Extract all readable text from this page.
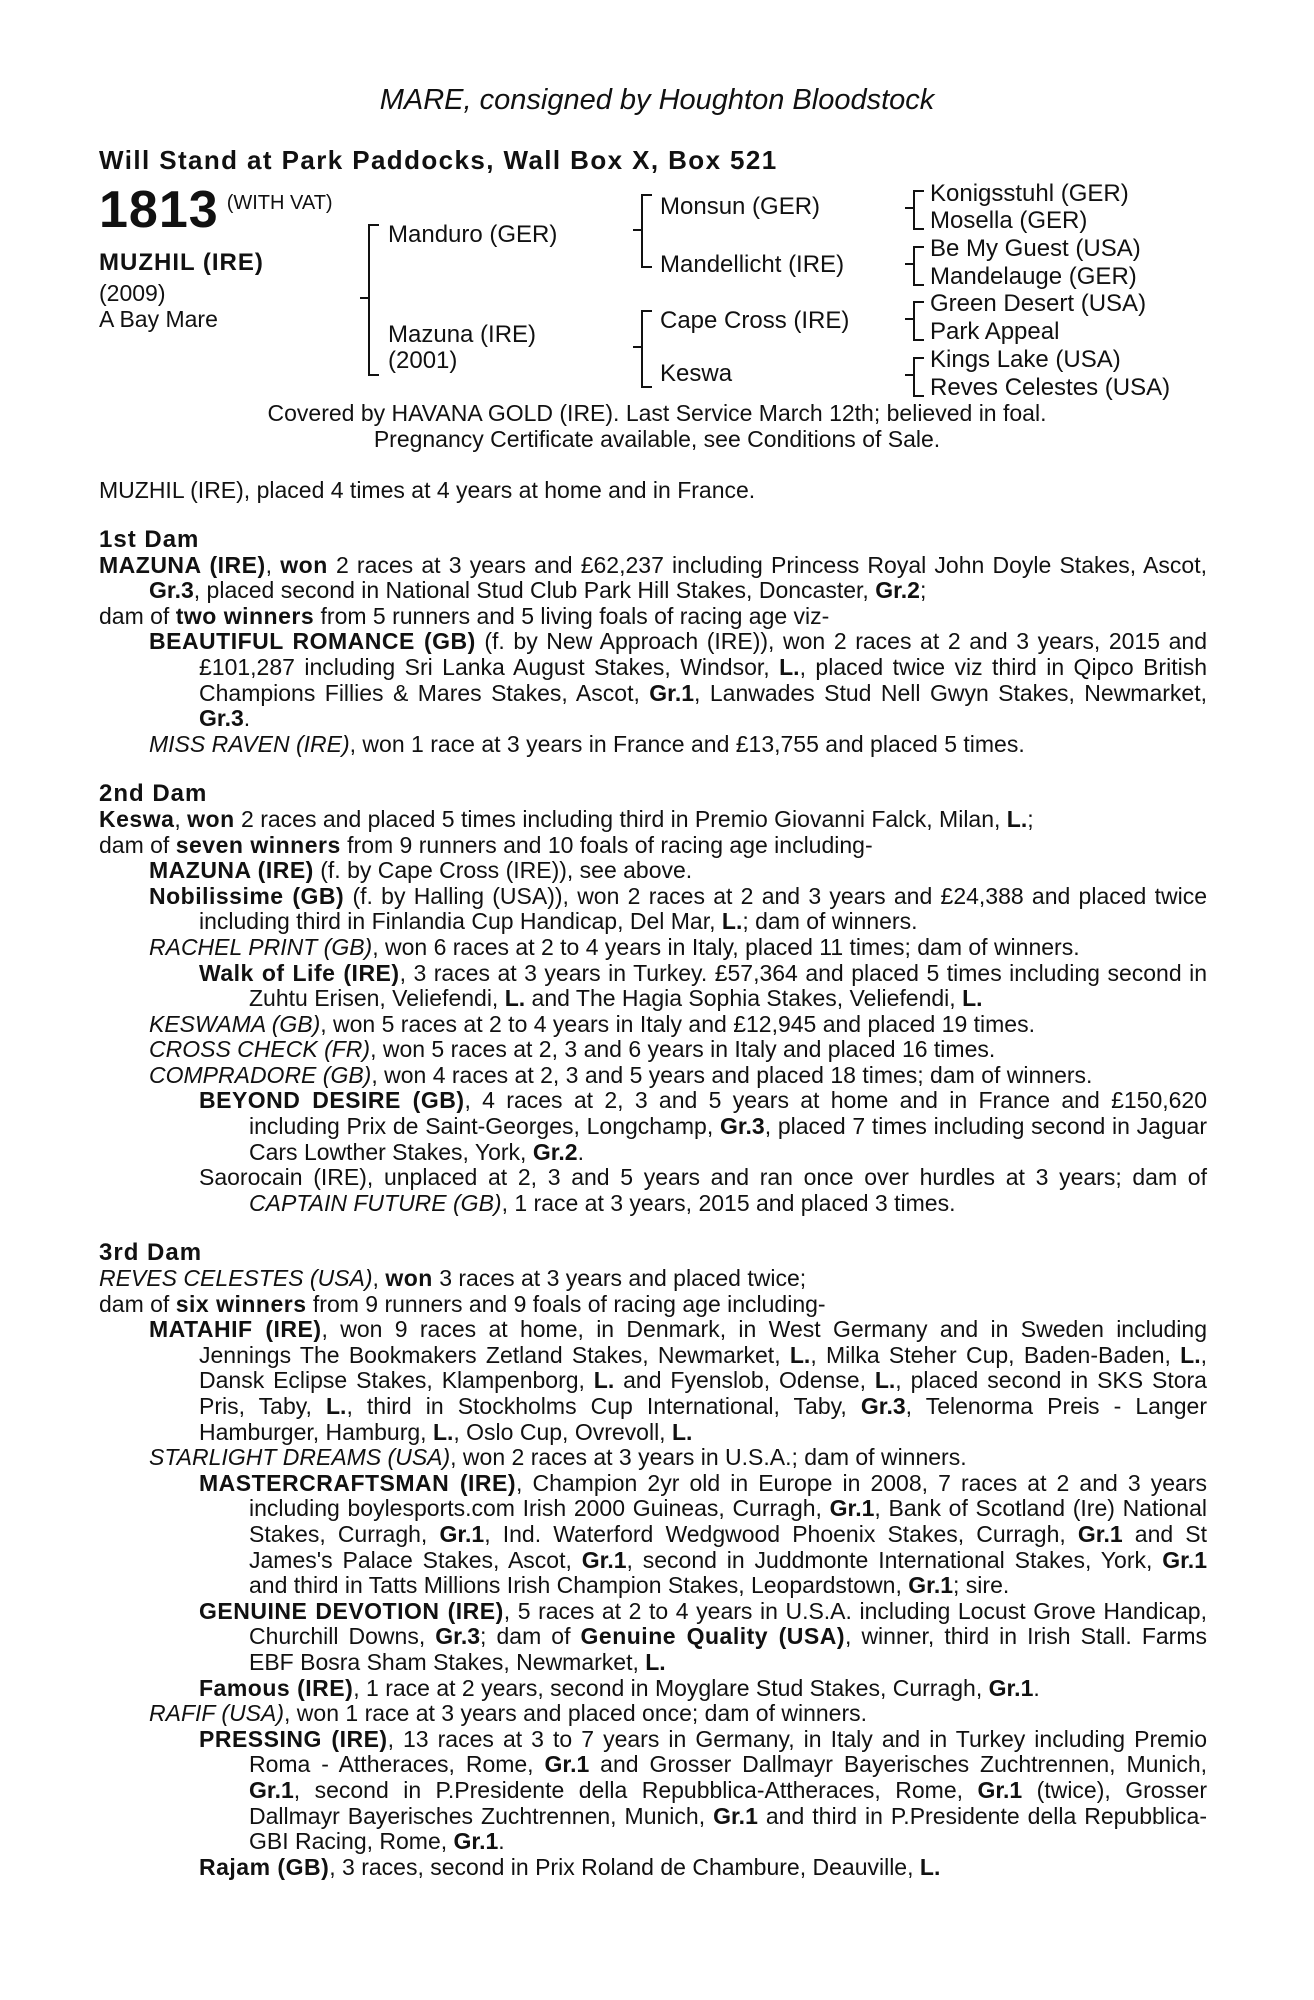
MARE, consigned by Houghton Bloodstock
Will Stand at Park Paddocks, Wall Box X, Box 521
1813 (WITH VAT)
MUZHIL (IRE)
(2009)
A Bay Mare
Manduro (GER)
Mazuna (IRE)
(2001)
Monsun (GER)
Mandellicht (IRE)
Cape Cross (IRE)
Keswa
Konigsstuhl (GER)
Mosella (GER)
Be My Guest (USA)
Mandelauge (GER)
Green Desert (USA)
Park Appeal
Kings Lake (USA)
Reves Celestes (USA)
Covered by HAVANA GOLD (IRE). Last Service March 12th; believed in foal.
Pregnancy Certificate available, see Conditions of Sale.
MUZHIL (IRE), placed 4 times at 4 years at home and in France.
1st Dam

MAZUNA (IRE), won 2 races at 3 years and £62,237 including Princess Royal John Doyle Stakes, Ascot, Gr.3, placed second in National Stud Club Park Hill Stakes, Doncaster, Gr.2;

dam of two winners from 5 runners and 5 living foals of racing age viz-

BEAUTIFUL ROMANCE (GB) (f. by New Approach (IRE)), won 2 races at 2 and 3 years, 2015 and £101,287 including Sri Lanka August Stakes, Windsor, L., placed twice viz third in Qipco British Champions Fillies & Mares Stakes, Ascot, Gr.1, Lanwades Stud Nell Gwyn Stakes, Newmarket, Gr.3.

MISS RAVEN (IRE), won 1 race at 3 years in France and £13,755 and placed 5 times.

2nd Dam

Keswa, won 2 races and placed 5 times including third in Premio Giovanni Falck, Milan, L.;

dam of seven winners from 9 runners and 10 foals of racing age including-

MAZUNA (IRE) (f. by Cape Cross (IRE)), see above.

Nobilissime (GB) (f. by Halling (USA)), won 2 races at 2 and 3 years and £24,388 and placed twice including third in Finlandia Cup Handicap, Del Mar, L.; dam of winners.

RACHEL PRINT (GB), won 6 races at 2 to 4 years in Italy, placed 11 times; dam of winners.

Walk of Life (IRE), 3 races at 3 years in Turkey. £57,364 and placed 5 times including second in Zuhtu Erisen, Veliefendi, L. and The Hagia Sophia Stakes, Veliefendi, L.

KESWAMA (GB), won 5 races at 2 to 4 years in Italy and £12,945 and placed 19 times.

CROSS CHECK (FR), won 5 races at 2, 3 and 6 years in Italy and placed 16 times.

COMPRADORE (GB), won 4 races at 2, 3 and 5 years and placed 18 times; dam of winners.

BEYOND DESIRE (GB), 4 races at 2, 3 and 5 years at home and in France and £150,620 including Prix de Saint-Georges, Longchamp, Gr.3, placed 7 times including second in Jaguar Cars Lowther Stakes, York, Gr.2.

Saorocain (IRE), unplaced at 2, 3 and 5 years and ran once over hurdles at 3 years; dam of CAPTAIN FUTURE (GB), 1 race at 3 years, 2015 and placed 3 times.

3rd Dam

REVES CELESTES (USA), won 3 races at 3 years and placed twice;

dam of six winners from 9 runners and 9 foals of racing age including-

MATAHIF (IRE), won 9 races at home, in Denmark, in West Germany and in Sweden including Jennings The Bookmakers Zetland Stakes, Newmarket, L., Milka Steher Cup, Baden-Baden, L., Dansk Eclipse Stakes, Klampenborg, L. and Fyenslob, Odense, L., placed second in SKS Stora Pris, Taby, L., third in Stockholms Cup International, Taby, Gr.3, Telenorma Preis - Langer Hamburger, Hamburg, L., Oslo Cup, Ovrevoll, L.

STARLIGHT DREAMS (USA), won 2 races at 3 years in U.S.A.; dam of winners.

MASTERCRAFTSMAN (IRE), Champion 2yr old in Europe in 2008, 7 races at 2 and 3 years including boylesports.com Irish 2000 Guineas, Curragh, Gr.1, Bank of Scotland (Ire) National Stakes, Curragh, Gr.1, Ind. Waterford Wedgwood Phoenix Stakes, Curragh, Gr.1 and St James's Palace Stakes, Ascot, Gr.1, second in Juddmonte International Stakes, York, Gr.1 and third in Tatts Millions Irish Champion Stakes, Leopardstown, Gr.1; sire.

GENUINE DEVOTION (IRE), 5 races at 2 to 4 years in U.S.A. including Locust Grove Handicap, Churchill Downs, Gr.3; dam of Genuine Quality (USA), winner, third in Irish Stall. Farms EBF Bosra Sham Stakes, Newmarket, L.

Famous (IRE), 1 race at 2 years, second in Moyglare Stud Stakes, Curragh, Gr.1.

RAFIF (USA), won 1 race at 3 years and placed once; dam of winners.

PRESSING (IRE), 13 races at 3 to 7 years in Germany, in Italy and in Turkey including Premio Roma - Attheraces, Rome, Gr.1 and Grosser Dallmayr Bayerisches Zuchtrennen, Munich, Gr.1, second in P.Presidente della Repubblica-Attheraces, Rome, Gr.1 (twice), Grosser Dallmayr Bayerisches Zuchtrennen, Munich, Gr.1 and third in P.Presidente della Repubblica-GBI Racing, Rome, Gr.1.

Rajam (GB), 3 races, second in Prix Roland de Chambure, Deauville, L.
